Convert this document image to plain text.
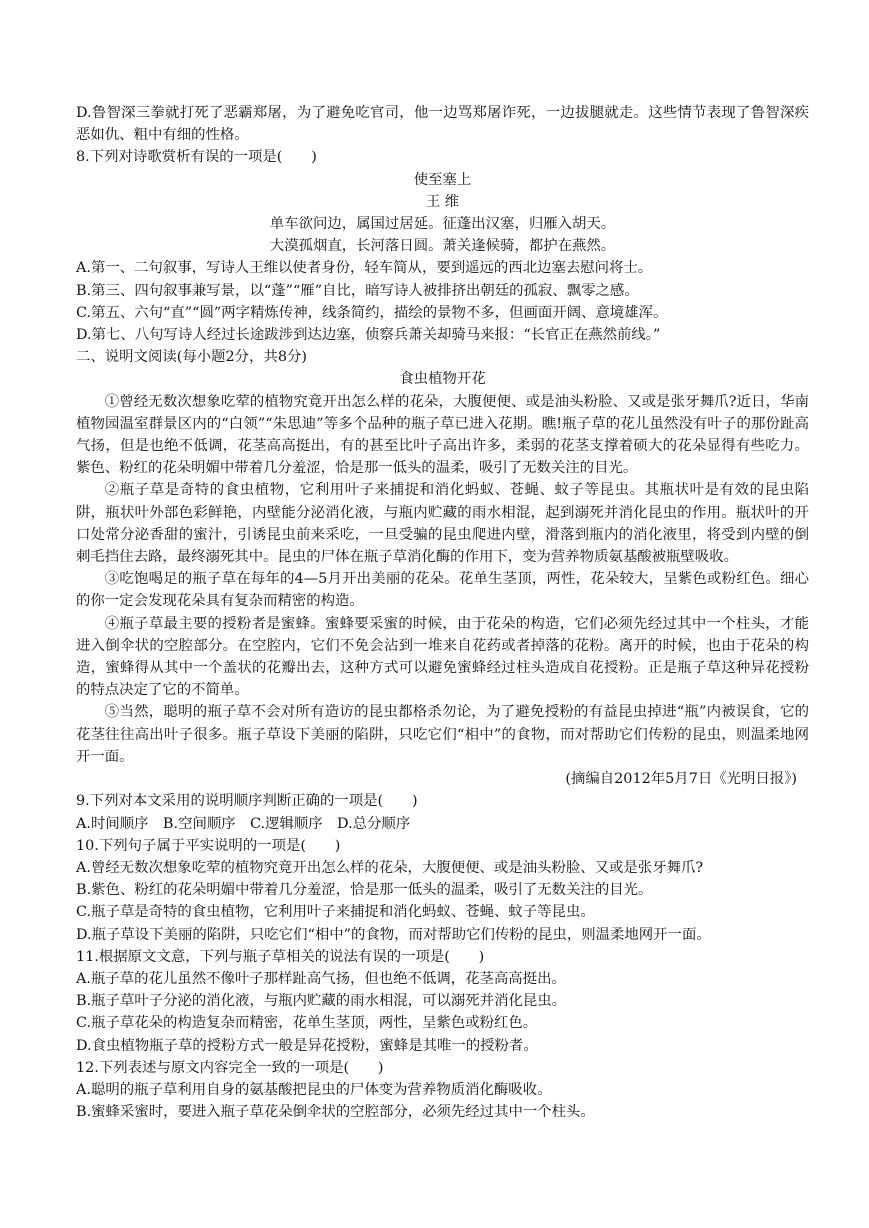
D.鲁智深三拳就打死了恶霸郑屠，为了避免吃官司，他一边骂郑屠诈死，一边拔腿就走。这些情节表现了鲁智深疾恶如仇、粗中有细的性格。

8.下列对诗歌赏析有误的一项是(　　)

使至塞上

王 维

单车欲问边，属国过居延。征蓬出汉塞，归雁入胡天。

大漠孤烟直，长河落日圆。萧关逢候骑，都护在燕然。

A.第一、二句叙事，写诗人王维以使者身份，轻车简从，要到遥远的西北边塞去慰问将士。

B.第三、四句叙事兼写景，以“蓬”“雁”自比，暗写诗人被排挤出朝廷的孤寂、飘零之感。

C.第五、六句“直”“圆”两字精炼传神，线条简约，描绘的景物不多，但画面开阔、意境雄浑。

D.第七、八句写诗人经过长途跋涉到达边塞，侦察兵萧关却骑马来报：“长官正在燕然前线。”

二、说明文阅读(每小题2分，共8分)

食虫植物开花

①曾经无数次想象吃荤的植物究竟开出怎么样的花朵，大腹便便、或是油头粉脸、又或是张牙舞爪?近日，华南植物园温室群景区内的“白领”“朱思迪”等多个品种的瓶子草已进入花期。瞧!瓶子草的花儿虽然没有叶子的那份趾高气扬，但是也绝不低调，花茎高高挺出，有的甚至比叶子高出许多，柔弱的花茎支撑着硕大的花朵显得有些吃力。紫色、粉红的花朵明媚中带着几分羞涩，恰是那一低头的温柔，吸引了无数关注的目光。

②瓶子草是奇特的食虫植物，它利用叶子来捕捉和消化蚂蚁、苍蝇、蚊子等昆虫。其瓶状叶是有效的昆虫陷阱，瓶状叶外部色彩鲜艳，内壁能分泌消化液，与瓶内贮藏的雨水相混，起到溺死并消化昆虫的作用。瓶状叶的开口处常分泌香甜的蜜汁，引诱昆虫前来采吃，一旦受骗的昆虫爬进内壁，滑落到瓶内的消化液里，将受到内壁的倒刺毛挡住去路，最终溺死其中。昆虫的尸体在瓶子草消化酶的作用下，变为营养物质氨基酸被瓶壁吸收。

③吃饱喝足的瓶子草在每年的4—5月开出美丽的花朵。花单生茎顶，两性，花朵较大，呈紫色或粉红色。细心的你一定会发现花朵具有复杂而精密的构造。

④瓶子草最主要的授粉者是蜜蜂。蜜蜂要采蜜的时候，由于花朵的构造，它们必须先经过其中一个柱头，才能进入倒伞状的空腔部分。在空腔内，它们不免会沾到一堆来自花药或者掉落的花粉。离开的时候，也由于花朵的构造，蜜蜂得从其中一个盖状的花瓣出去，这种方式可以避免蜜蜂经过柱头造成自花授粉。正是瓶子草这种异花授粉的特点决定了它的不简单。

⑤当然，聪明的瓶子草不会对所有造访的昆虫都格杀勿论，为了避免授粉的有益昆虫掉进“瓶”内被误食，它的花茎往往高出叶子很多。瓶子草设下美丽的陷阱，只吃它们“相中”的食物，而对帮助它们传粉的昆虫，则温柔地网开一面。

(摘编自2012年5月7日《光明日报》)

9.下列对本文采用的说明顺序判断正确的一项是(　　)

A.时间顺序　B.空间顺序　C.逻辑顺序　D.总分顺序

10.下列句子属于平实说明的一项是(　　)

A.曾经无数次想象吃荤的植物究竟开出怎么样的花朵，大腹便便、或是油头粉脸、又或是张牙舞爪?

B.紫色、粉红的花朵明媚中带着几分羞涩，恰是那一低头的温柔，吸引了无数关注的目光。

C.瓶子草是奇特的食虫植物，它利用叶子来捕捉和消化蚂蚁、苍蝇、蚊子等昆虫。

D.瓶子草设下美丽的陷阱，只吃它们“相中”的食物，而对帮助它们传粉的昆虫，则温柔地网开一面。

11.根据原文文意，下列与瓶子草相关的说法有误的一项是(　　)

A.瓶子草的花儿虽然不像叶子那样趾高气扬，但也绝不低调，花茎高高挺出。

B.瓶子草叶子分泌的消化液，与瓶内贮藏的雨水相混，可以溺死并消化昆虫。

C.瓶子草花朵的构造复杂而精密，花单生茎顶，两性，呈紫色或粉红色。

D.食虫植物瓶子草的授粉方式一般是异花授粉，蜜蜂是其唯一的授粉者。

12.下列表述与原文内容完全一致的一项是(　　)

A.聪明的瓶子草利用自身的氨基酸把昆虫的尸体变为营养物质消化酶吸收。

B.蜜蜂采蜜时，要进入瓶子草花朵倒伞状的空腔部分，必须先经过其中一个柱头。
